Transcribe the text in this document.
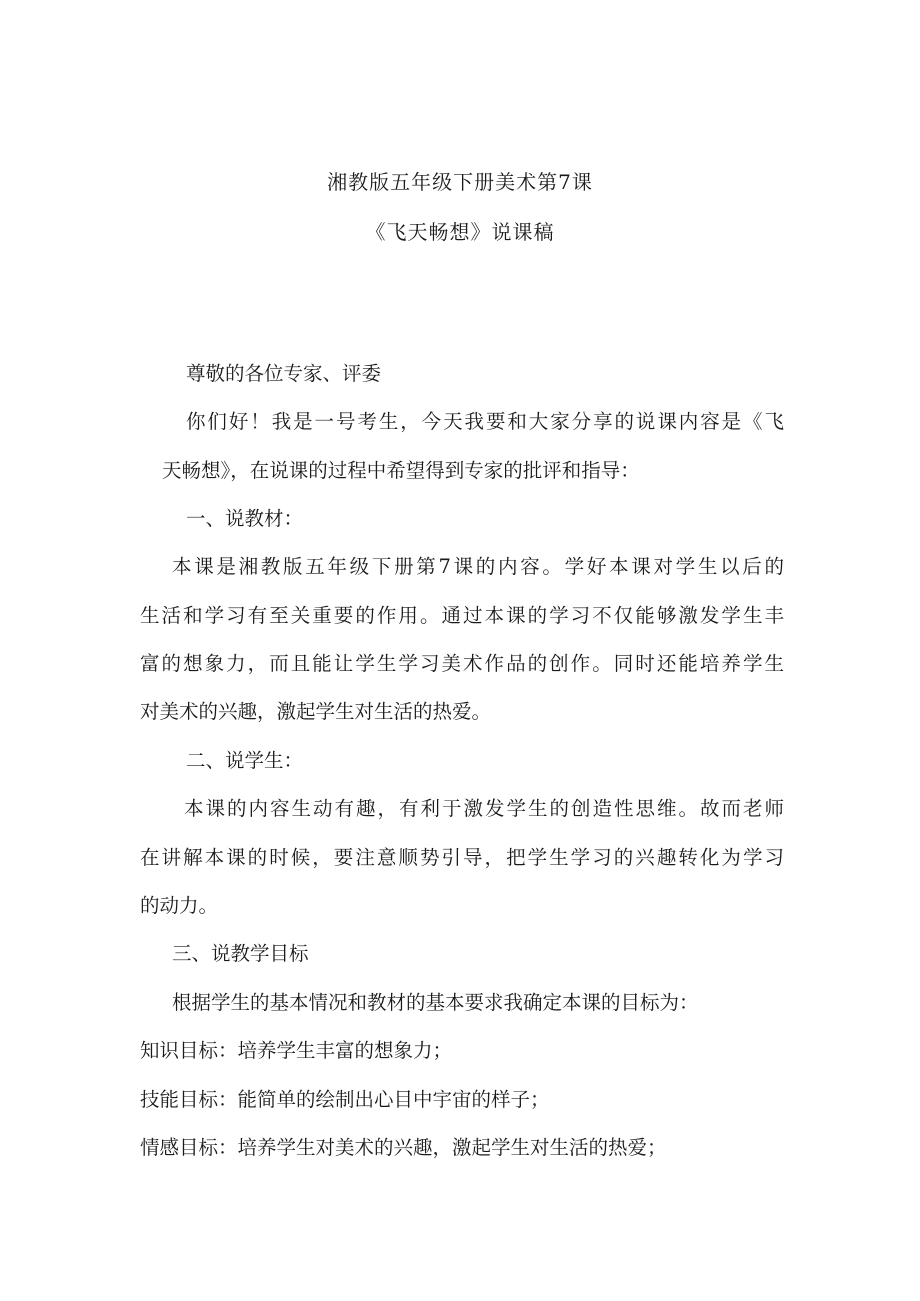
湘教版五年级下册美术第7课
《飞天畅想》说课稿
尊敬的各位专家、评委
你们好！我是一号考生，今天我要和大家分享的说课内容是《飞
天畅想》，在说课的过程中希望得到专家的批评和指导：
一、说教材：
本课是湘教版五年级下册第7课的内容。学好本课对学生以后的
生活和学习有至关重要的作用。通过本课的学习不仅能够激发学生丰
富的想象力，而且能让学生学习美术作品的创作。同时还能培养学生
对美术的兴趣，激起学生对生活的热爱。
二、说学生：
本课的内容生动有趣，有利于激发学生的创造性思维。故而老师
在讲解本课的时候，要注意顺势引导，把学生学习的兴趣转化为学习
的动力。
三、说教学目标
根据学生的基本情况和教材的基本要求我确定本课的目标为：
知识目标：培养学生丰富的想象力；
技能目标：能简单的绘制出心目中宇宙的样子；
情感目标：培养学生对美术的兴趣，激起学生对生活的热爱；
